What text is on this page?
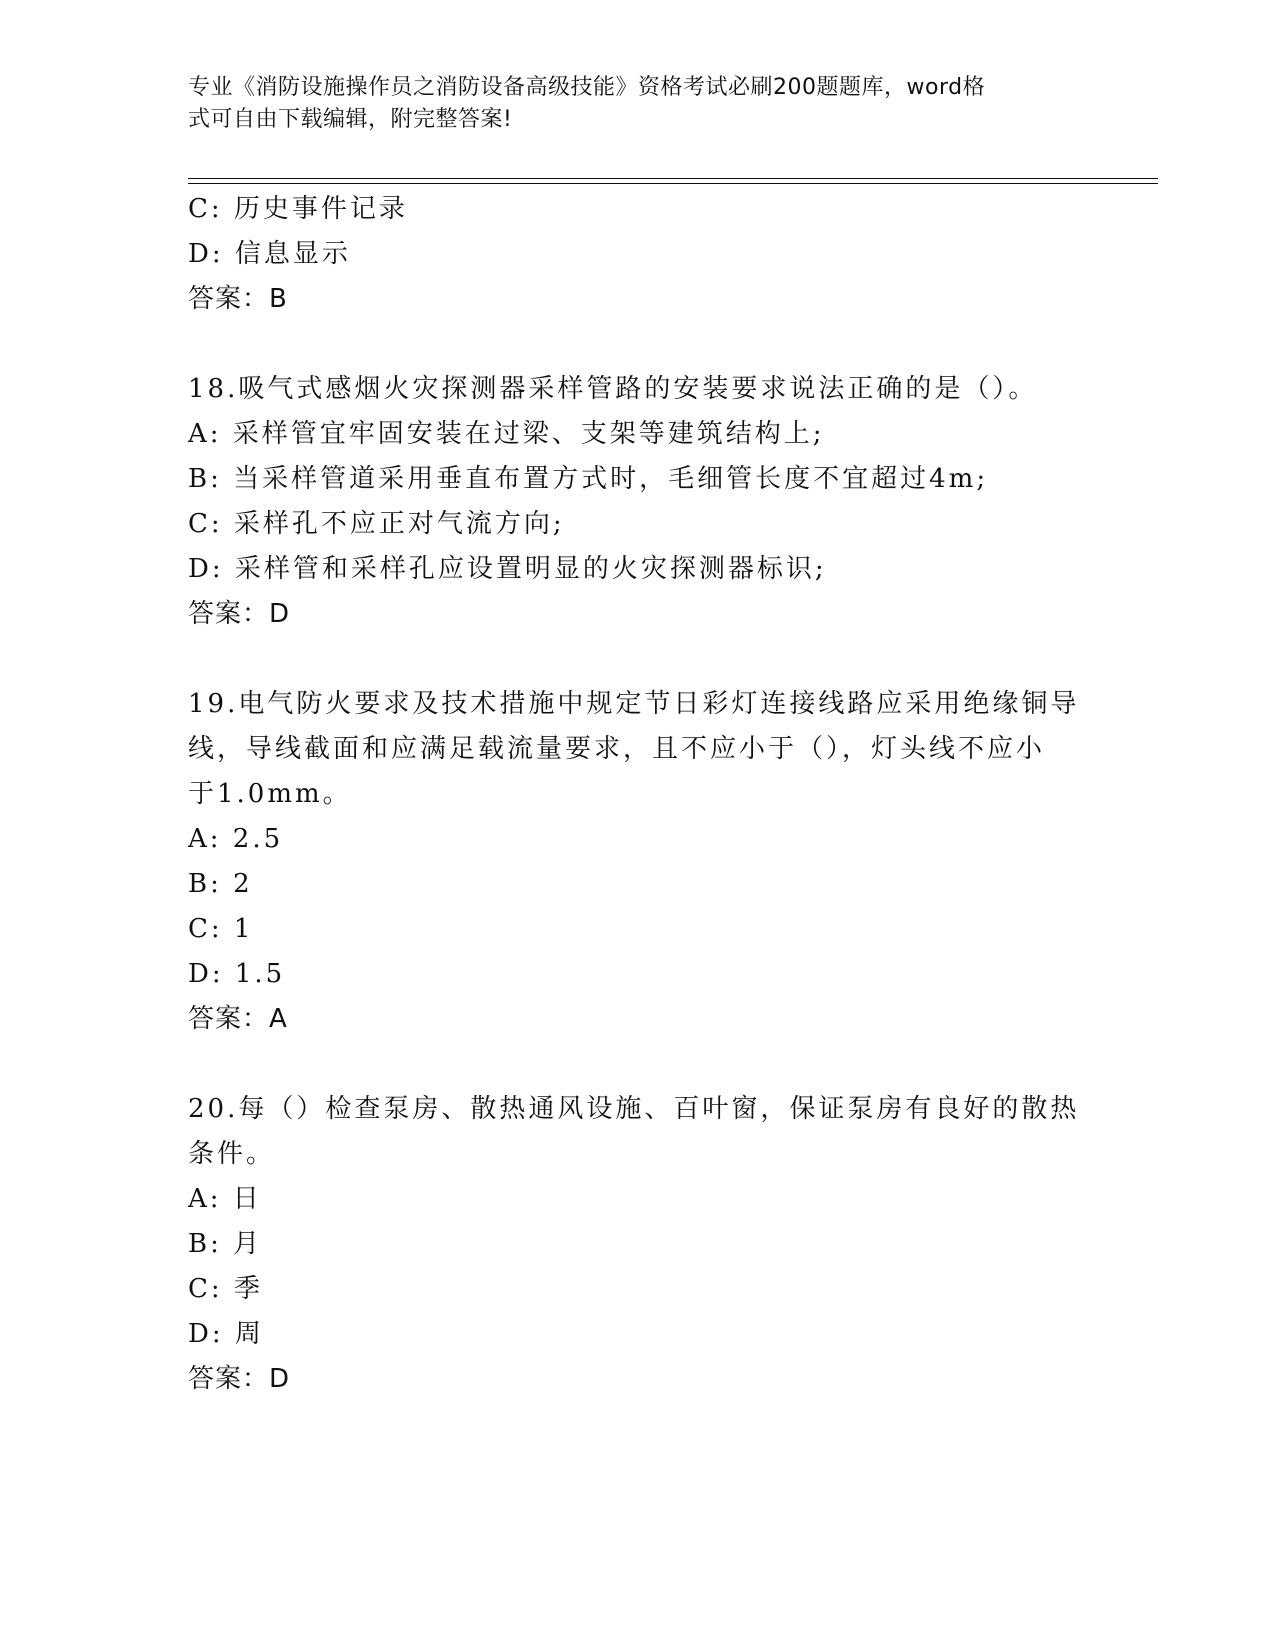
专业《消防设施操作员之消防设备高级技能》资格考试必刷200题题库，word格
式可自由下载编辑，附完整答案!
C: 历史事件记录
D: 信息显示
答案：B
18.吸气式感烟火灾探测器采样管路的安装要求说法正确的是（）。
A: 采样管宜牢固安装在过梁、支架等建筑结构上;
B: 当采样管道采用垂直布置方式时，毛细管长度不宜超过4m;
C: 采样孔不应正对气流方向;
D: 采样管和采样孔应设置明显的火灾探测器标识;
答案：D
19.电气防火要求及技术措施中规定节日彩灯连接线路应采用绝缘铜导
线，导线截面和应满足载流量要求，且不应小于（），灯头线不应小
于1.0mm。
A: 2.5
B: 2
C: 1
D: 1.5
答案：A
20.每（）检查泵房、散热通风设施、百叶窗，保证泵房有良好的散热
条件。
A: 日
B: 月
C: 季
D: 周
答案：D
